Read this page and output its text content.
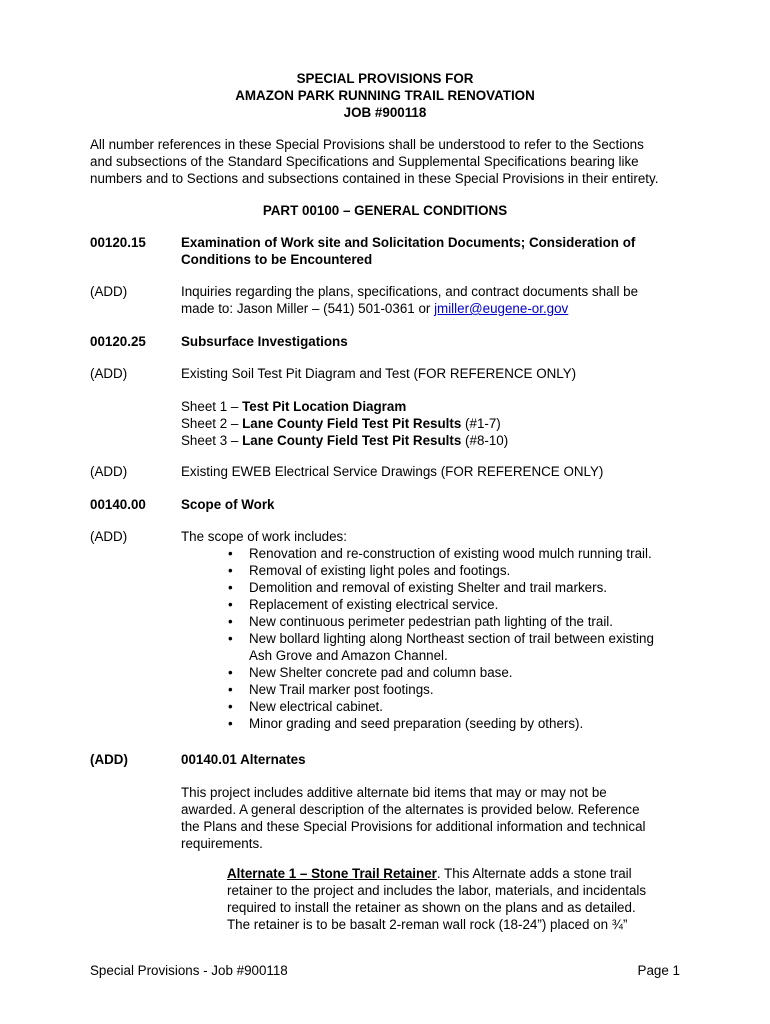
SPECIAL PROVISIONS FOR
AMAZON PARK RUNNING TRAIL RENOVATION
JOB #900118
All number references in these Special Provisions shall be understood to refer to the Sections
and subsections of the Standard Specifications and Supplemental Specifications bearing like
numbers and to Sections and subsections contained in these Special Provisions in their entirety.
PART 00100 – GENERAL CONDITIONS
00120.15	Examination of Work site and Solicitation Documents; Consideration of
Conditions to be Encountered
(ADD)	Inquiries regarding the plans, specifications, and contract documents shall be
made to: Jason Miller – (541) 501-0361 or jmiller@eugene-or.gov
00120.25	Subsurface Investigations
(ADD)	Existing Soil Test Pit Diagram and Test (FOR REFERENCE ONLY)
Sheet 1 – Test Pit Location Diagram
Sheet 2 – Lane County Field Test Pit Results (#1-7)
Sheet 3 – Lane County Field Test Pit Results (#8-10)
(ADD)	Existing EWEB Electrical Service Drawings (FOR REFERENCE ONLY)
00140.00	Scope of Work
(ADD)	The scope of work includes:
• Renovation and re-construction of existing wood mulch running trail.
• Removal of existing light poles and footings.
• Demolition and removal of existing Shelter and trail markers.
• Replacement of existing electrical service.
• New continuous perimeter pedestrian path lighting of the trail.
• New bollard lighting along Northeast section of trail between existing
Ash Grove and Amazon Channel.
• New Shelter concrete pad and column base.
• New Trail marker post footings.
• New electrical cabinet.
• Minor grading and seed preparation (seeding by others).
(ADD)	00140.01 Alternates
This project includes additive alternate bid items that may or may not be
awarded. A general description of the alternates is provided below. Reference
the Plans and these Special Provisions for additional information and technical
requirements.
Alternate 1 – Stone Trail Retainer. This Alternate adds a stone trail
retainer to the project and includes the labor, materials, and incidentals
required to install the retainer as shown on the plans and as detailed.
The retainer is to be basalt 2-reman wall rock (18-24”) placed on ¾”
Special Provisions - Job #900118	Page 1
